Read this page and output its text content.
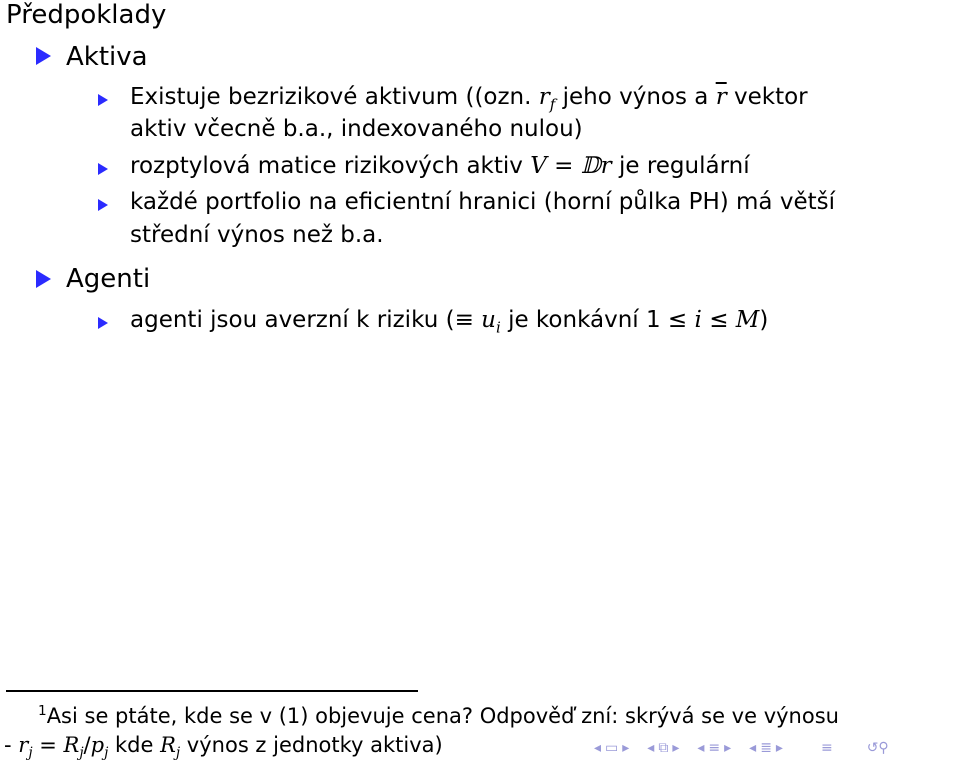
Předpoklady
Aktiva
Existuje bezrizikové aktivum ((ozn. $r_f$ jeho výnos a $\overline{r}$ vektor
aktiv včecně b.a., indexovaného nulou)
rozptylová matice rizikových aktiv V = 𝔻r je regulární
každé portfolio na eficientní hranici (horní půlka PH) má větší
střední výnos než b.a.
Agenti
agenti jsou averzní k riziku (≡ $u_i$ je konkávní 1 ≤ i ≤ M)
$^1$Asi se ptáte, kde se v (1) objevuje cena? Odpověď zní: skrývá se ve výnosu
- $r_j = R_j/p_j$ kde $R_j$ výnos z jednotky aktiva)	◂ ▭ ▸ ◂ ⧉ ▸ ◂ ≡ ▸ ◂ ≣ ▸	≡ ↺⚲
